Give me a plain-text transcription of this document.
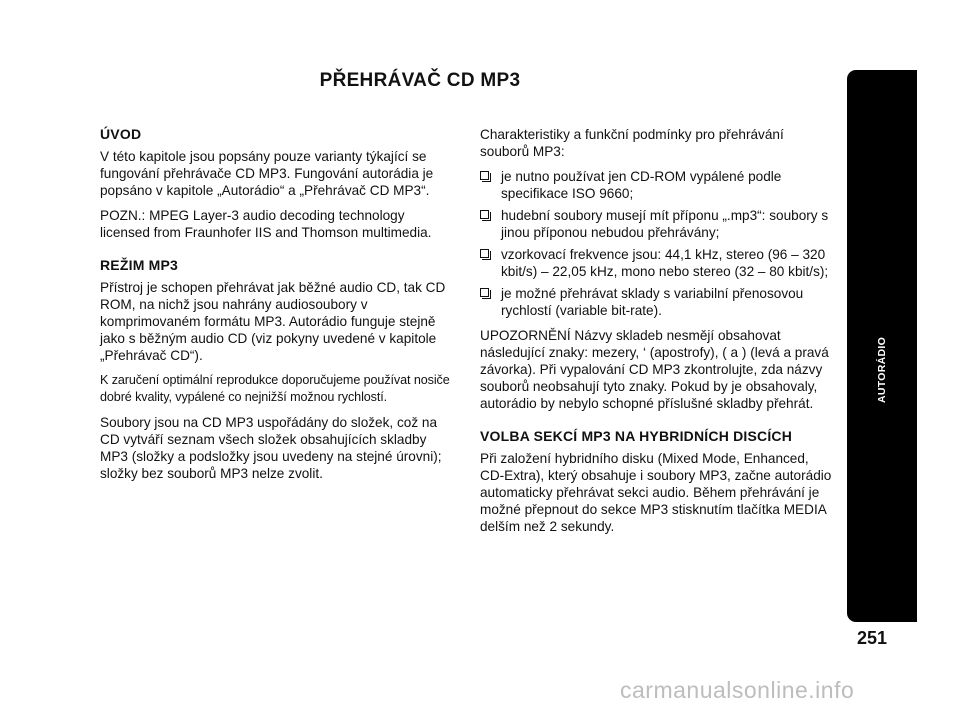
PŘEHRÁVAČ CD MP3
ÚVOD

V této kapitole jsou popsány pouze varianty týkající se fungování přehrávače CD MP3. Fungování autorádia je popsáno v kapitole „Autorádio“ a „Přehrávač CD MP3“.

POZN.: MPEG Layer-3 audio decoding technology licensed from Fraunhofer IIS and Thomson multimedia.

REŽIM MP3

Přístroj je schopen přehrávat jak běžné audio CD, tak CD ROM, na nichž jsou nahrány audiosoubory v komprimovaném formátu MP3. Autorádio funguje stejně jako s běžným audio CD (viz pokyny uvedené v kapitole „Přehrávač CD“).

K zaručení optimální reprodukce doporučujeme používat nosiče dobré kvality, vypálené co nejnižší možnou rychlostí.

Soubory jsou na CD MP3 uspořádány do složek, což na CD vytváří seznam všech složek obsahujících skladby MP3 (složky a podsložky jsou uvedeny na stejné úrovni); složky bez souborů MP3 nelze zvolit.

Charakteristiky a funkční podmínky pro přehrávání souborů MP3:

je nutno používat jen CD-ROM vypálené podle specifikace ISO 9660;
hudební soubory musejí mít příponu „.mp3“: soubory s jinou příponou nebudou přehrávány;
vzorkovací frekvence jsou: 44,1 kHz, stereo (96 – 320 kbit/s) – 22,05 kHz, mono nebo stereo (32 – 80 kbit/s);
je možné přehrávat sklady s variabilní přenosovou rychlostí (variable bit-rate).

UPOZORNĚNÍ Názvy skladeb nesmějí obsahovat následující znaky: mezery, ‘ (apostrofy), ( a ) (levá a pravá závorka). Při vypalování CD MP3 zkontrolujte, zda názvy souborů neobsahují tyto znaky. Pokud by je obsahovaly, autorádio by nebylo schopné příslušné skladby přehrát.

VOLBA SEKCÍ MP3 NA HYBRIDNÍCH DISCÍCH

Při založení hybridního disku (Mixed Mode, Enhanced, CD-Extra), který obsahuje i soubory MP3, začne autorádio automaticky přehrávat sekci audio. Během přehrávání je možné přepnout do sekce MP3 stisknutím tlačítka MEDIA delším než 2 sekundy.

AUTORÁDIO
251
carmanualsonline.info
